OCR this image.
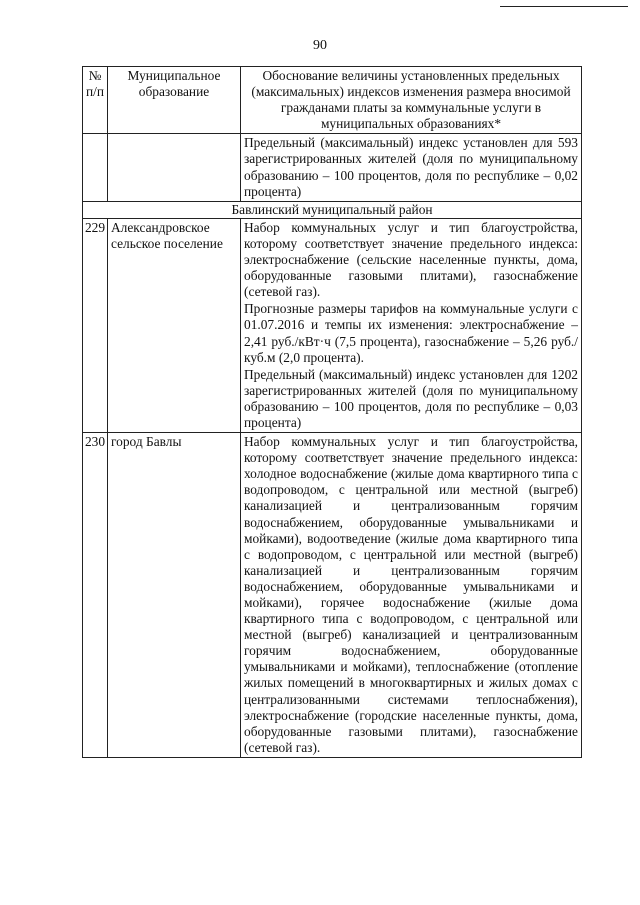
90
№ п/п	Муниципальное образование	Обоснование величины установленных предельных (максимальных) индексов изменения размера вносимой гражданами платы за коммунальные услуги в муниципальных образованиях*
		Предельный (максимальный) индекс установлен для 593 зарегистрированных жителей (доля по муниципальному образованию – 100 процентов, доля по республике – 0,02 процента)
Бавлинский муниципальный район		
229	Александровское сельское поселение	Набор коммунальных услуг и тип благоустройства, которому соответствует значение предельного индекса: электроснабжение (сельские населенные пункты, дома, оборудованные газовыми плитами), газоснабжение (сетевой газ).

Прогнозные размеры тарифов на коммунальные услуги с 01.07.2016 и темпы их изменения: электроснабжение – 2,41 руб./кВт·ч (7,5 процента), газоснабжение – 5,26 руб./куб.м (2,0 процента).

Предельный (максимальный) индекс установлен для 1202 зарегистрированных жителей (доля по муниципальному образованию – 100 процентов, доля по республике – 0,03 процента)

230	город Бавлы	Набор коммунальных услуг и тип благоустройства, которому соответствует значение предельного индекса: холодное водоснабжение (жилые дома квартирного типа с водопроводом, с центральной или местной (выгреб) канализацией и централизованным горячим водоснабжением, оборудованные умывальниками и мойками), водоотведение (жилые дома квартирного типа с водопроводом, с центральной или местной (выгреб) канализацией и централизованным горячим водоснабжением, оборудованные умывальниками и мойками), горячее водоснабжение (жилые дома квартирного типа с водопроводом, с центральной или местной (выгреб) канализацией и централизованным горячим водоснабжением, оборудованные умывальниками и мойками), теплоснабжение (отопление жилых помещений в многоквартирных и жилых домах с централизованными системами теплоснабжения), электроснабжение (городские населенные пункты, дома, оборудованные газовыми плитами), газоснабжение (сетевой газ).
